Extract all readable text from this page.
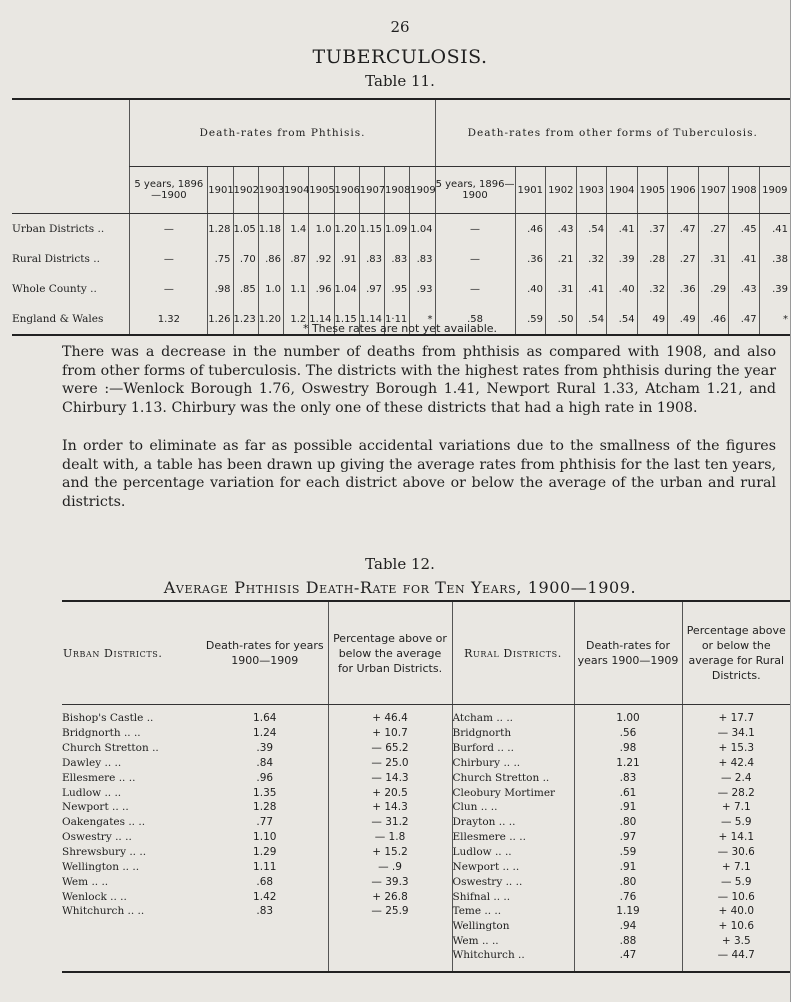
26
TUBERCULOSIS.
Table 11.
	Death-rates from Phthisis.										Death-rates from other forms of Tuberculosis.									
	5 years, 1896—1900	1901	1902	1903	1904	1905	1906	1907	1908	1909	5 years, 1896—1900	1901	1902	1903	1904	1905	1906	1907	1908	1909
Urban Districts ..	—	1.28	1.05	1.18	1.4	1.0	1.20	1.15	1.09	1.04	—	.46	.43	.54	.41	.37	.47	.27	.45	.41
Rural Districts ..	—	.75	.70	.86	.87	.92	.91	.83	.83	.83	—	.36	.21	.32	.39	.28	.27	.31	.41	.38
Whole County ..	—	.98	.85	1.0	1.1	.96	1.04	.97	.95	.93	—	.40	.31	.41	.40	.32	.36	.29	.43	.39
England & Wales	1.32	1.26	1.23	1.20	1.2	1.14	1.15	1.14	1·11	*	.58	.59	.50	.54	.54	49	.49	.46	.47	*
* These rates are not yet available.
There was a decrease in the number of deaths from phthisis as compared with 1908, and also from other forms of tuberculosis. The districts with the highest rates from phthisis during the year were :—Wenlock Borough 1.76, Oswestry Borough 1.41, Newport Rural 1.33, Atcham 1.21, and Chirbury 1.13. Chirbury was the only one of these districts that had a high rate in 1908.
In order to eliminate as far as possible accidental variations due to the smallness of the figures dealt with, a table has been drawn up giving the average rates from phthisis for the last ten years, and the percentage variation for each district above or below the average of the urban and rural districts.
Table 12.
Average Phthisis Death-Rate for Ten Years, 1900—1909.
Urban Districts.	Death-rates for years 1900—1909	Percentage above or below the average for Urban Districts.	Rural Districts.	Death-rates for years 1900—1909	Percentage above or below the average for Rural Districts.
Bishop's Castle ..	1.64	+ 46.4	Atcham .. ..	1.00	+ 17.7
Bridgnorth .. ..	1.24	+ 10.7	Bridgnorth	.56	— 34.1
Church Stretton ..	.39	— 65.2	Burford .. ..	.98	+ 15.3
Dawley .. ..	.84	— 25.0	Chirbury .. ..	1.21	+ 42.4
Ellesmere .. ..	.96	— 14.3	Church Stretton ..	.83	— 2.4
Ludlow .. ..	1.35	+ 20.5	Cleobury Mortimer	.61	— 28.2
Newport .. ..	1.28	+ 14.3	Clun .. ..	.91	+ 7.1
Oakengates .. ..	.77	— 31.2	Drayton .. ..	.80	— 5.9
Oswestry .. ..	1.10	— 1.8	Ellesmere .. ..	.97	+ 14.1
Shrewsbury .. ..	1.29	+ 15.2	Ludlow .. ..	.59	— 30.6
Wellington .. ..	1.11	— .9	Newport .. ..	.91	+ 7.1
Wem .. ..	.68	— 39.3	Oswestry .. ..	.80	— 5.9
Wenlock .. ..	1.42	+ 26.8	Shifnal .. ..	.76	— 10.6
Whitchurch .. ..	.83	— 25.9	Teme .. ..	1.19	+ 40.0
			Wellington	.94	+ 10.6
			Wem .. ..	.88	+ 3.5
			Whitchurch ..	.47	— 44.7
